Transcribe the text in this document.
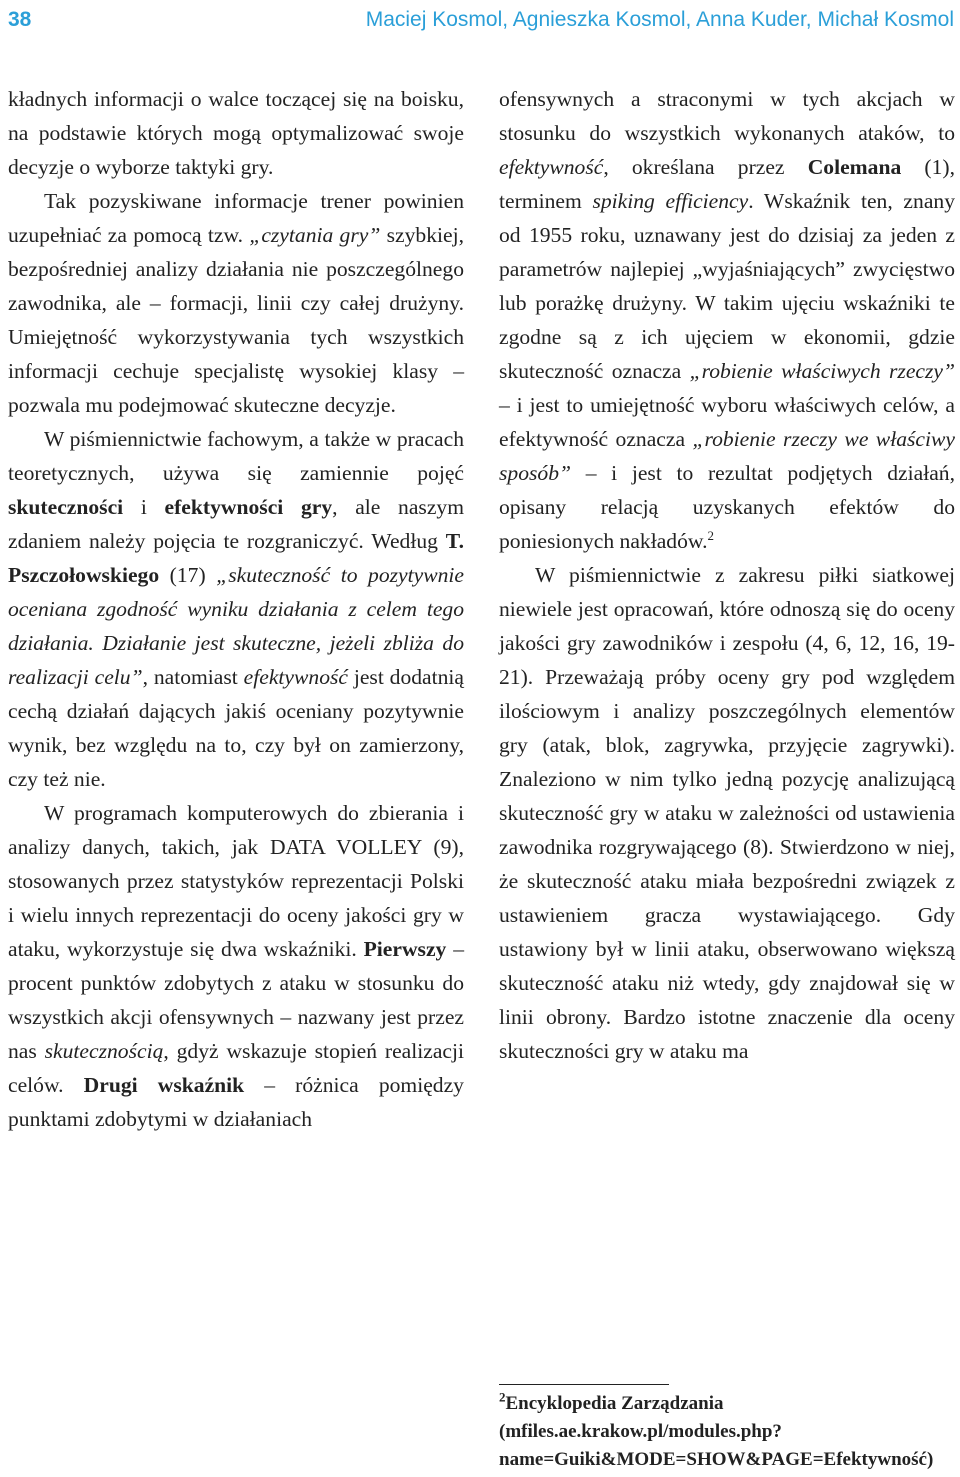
38	Maciej Kosmol, Agnieszka Kosmol, Anna Kuder, Michał Kosmol

kładnych informacji o walce toczącej się na boisku, na podstawie których mogą optymalizować swoje decyzje o wyborze taktyki gry.

Tak pozyskiwane informacje trener powinien uzupełniać za pomocą tzw. „czytania gry” szybkiej, bezpośredniej analizy działania nie poszczególnego zawodnika, ale – formacji, linii czy całej drużyny. Umiejętność wykorzystywania tych wszystkich informacji cechuje specjalistę wysokiej klasy – pozwala mu podejmować skuteczne decyzje.

W piśmiennictwie fachowym, a także w pracach teoretycznych, używa się zamiennie pojęć skuteczności i efektywności gry, ale naszym zdaniem należy pojęcia te rozgraniczyć. Według T. Pszczołowskiego (17) „skuteczność to pozytywnie oceniana zgodność wyniku działania z celem tego działania. Działanie jest skuteczne, jeżeli zbliża do realizacji celu”, natomiast efektywność jest dodatnią cechą działań dających jakiś oceniany pozytywnie wynik, bez względu na to, czy był on zamierzony, czy też nie.

W programach komputerowych do zbierania i analizy danych, takich, jak DATA VOLLEY (9), stosowanych przez statystyków reprezentacji Polski i wielu innych reprezentacji do oceny jakości gry w ataku, wykorzystuje się dwa wskaźniki. Pierwszy – procent punktów zdobytych z ataku w stosunku do wszystkich akcji ofensywnych – nazwany jest przez nas skutecznością, gdyż wskazuje stopień realizacji celów. Drugi wskaźnik – różnica pomiędzy punktami zdobytymi w działaniach

ofensywnych a straconymi w tych akcjach w stosunku do wszystkich wykonanych ataków, to efektywność, określana przez Colemana (1), terminem spiking efficiency. Wskaźnik ten, znany od 1955 roku, uznawany jest do dzisiaj za jeden z parametrów najlepiej „wyjaśniających” zwycięstwo lub porażkę drużyny. W takim ujęciu wskaźniki te zgodne są z ich ujęciem w ekonomii, gdzie skuteczność oznacza „robienie właściwych rzeczy” – i jest to umiejętność wyboru właściwych celów, a efektywność oznacza „robienie rzeczy we właściwy sposób” – i jest to rezultat podjętych działań, opisany relacją uzyskanych efektów do poniesionych nakładów.$^2$

W piśmiennictwie z zakresu piłki siatkowej niewiele jest opracowań, które odnoszą się do oceny jakości gry zawodników i zespołu (4, 6, 12, 16, 19-21). Przeważają próby oceny gry pod względem ilościowym i analizy poszczególnych elementów gry (atak, blok, zagrywka, przyjęcie zagrywki). Znaleziono w nim tylko jedną pozycję analizującą skuteczność gry w ataku w zależności od ustawienia zawodnika rozgrywającego (8). Stwierdzono w niej, że skuteczność ataku miała bezpośredni związek z ustawieniem gracza wystawiającego. Gdy ustawiony był w linii ataku, obserwowano większą skuteczność ataku niż wtedy, gdy znajdował się w linii obrony. Bardzo istotne znaczenie dla oceny skuteczności gry w ataku ma

$^2$Encyklopedia Zarządzania (mfiles.ae.krakow.pl/modules.php?name=Guiki&MODE=SHOW&PAGE=Efektywność)
